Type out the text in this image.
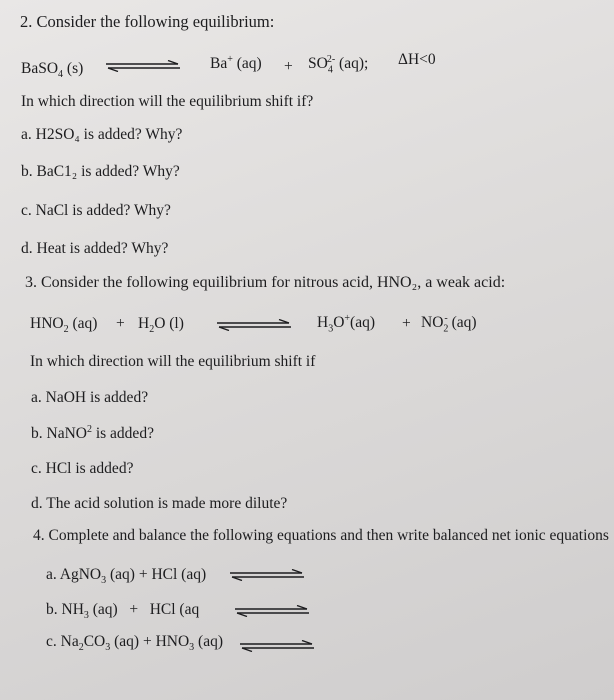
2. Consider the following equilibrium:
BaSO$_4$ (s)	Ba+ $(aq) + SO_4^{2-}$ (aq); ΔH<0
In which direction will the equilibrium shift if?
a. H2SO₄ is added? Why?
b. BaC1₂ is added? Why?
c. NaCl is added? Why?
d. Heat is added? Why?
3. Consider the following equilibrium for nitrous acid, HNO₂, a weak acid:
$HNO_2$ $(aq) + H_2O$ (l)	$H_3O^+(aq) + NO_2^-$ (aq)
In which direction will the equilibrium shift if
a. NaOH is added?
b. NaNO$^2$ is added?
c. HCl is added?
d. The acid solution is made more dilute?
4. Complete and balance the following equations and then write balanced net ionic equations
a. AgNO$_3$ (aq) + HCl (aq)
b. $NH_3$ (aq)   +   HCl (aq
c. $Na_2CO_3$ $(aq) + HNO_3$ (aq)
